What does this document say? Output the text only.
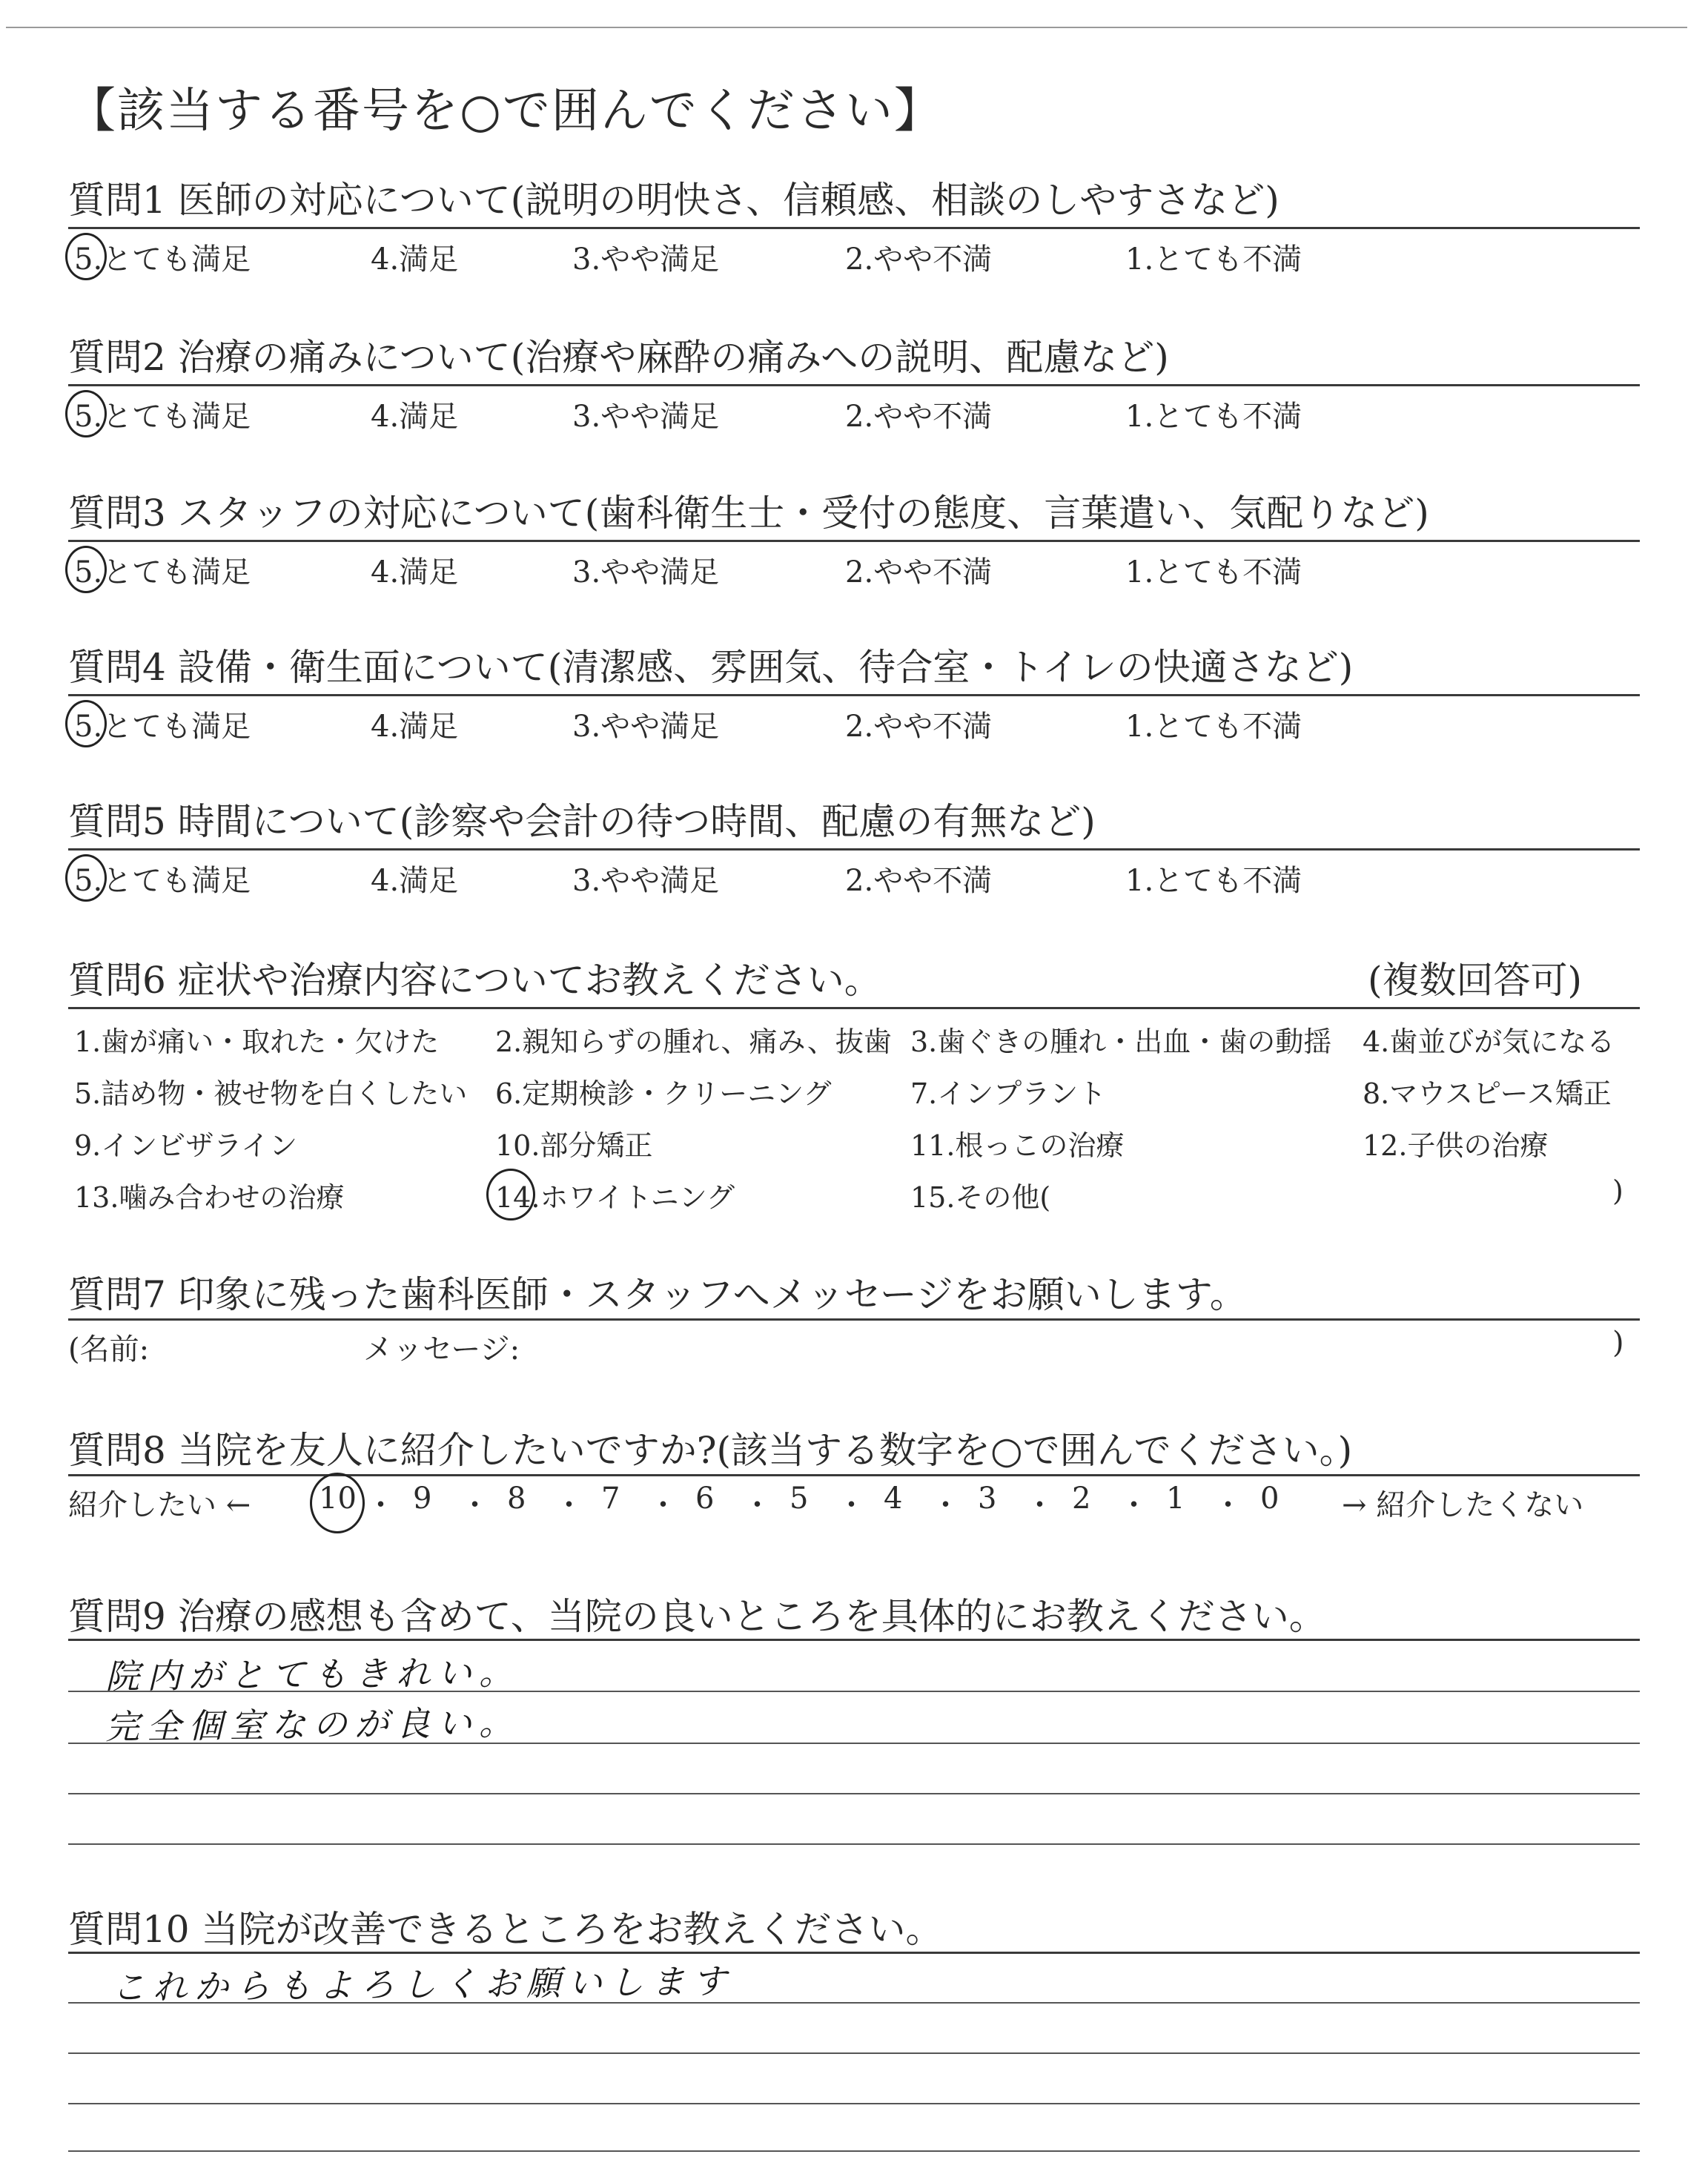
【該当する番号を○で囲んでください】
質問1 医師の対応について(説明の明快さ、信頼感、相談のしやすさなど)
5.とても満足	4.満足	3.やや満足	2.やや不満	1.とても不満
質問2 治療の痛みについて(治療や麻酔の痛みへの説明、配慮など)
5.とても満足	4.満足	3.やや満足	2.やや不満	1.とても不満
質問3 スタッフの対応について(歯科衛生士・受付の態度、言葉遣い、気配りなど)
5.とても満足	4.満足	3.やや満足	2.やや不満	1.とても不満
質問4 設備・衛生面について(清潔感、雰囲気、待合室・トイレの快適さなど)
5.とても満足	4.満足	3.やや満足	2.やや不満	1.とても不満
質問5 時間について(診察や会計の待つ時間、配慮の有無など)
5.とても満足	4.満足	3.やや満足	2.やや不満	1.とても不満
質問6 症状や治療内容についてお教えください。	(複数回答可)
1.歯が痛い・取れた・欠けた 2.親知らずの腫れ、痛み、抜歯 3.歯ぐきの腫れ・出血・歯の動揺 4.歯並びが気になる
5.詰め物・被せ物を白くしたい 6.定期検診・クリーニング	7.インプラント	8.マウスピース矯正
9.インビザライン	10.部分矯正	11.根っこの治療	12.子供の治療
13.噛み合わせの治療	14.ホワイトニング	15.その他(	)
質問7 印象に残った歯科医師・スタッフへメッセージをお願いします。
(名前:	メッセージ:	)
質問8 当院を友人に紹介したいですか?(該当する数字を○で囲んでください。)
紹介したい ← 10 ・ 9 ・ 8 ・ 7 ・ 6 ・ 5 ・ 4 ・ 3 ・ 2 ・ 1 ・ 0 → 紹介したくない
質問9 治療の感想も含めて、当院の良いところを具体的にお教えください。
院内がとてもきれい。
完全個室なのが良い。
質問10 当院が改善できるところをお教えください。
これからもよろしくお願いします
